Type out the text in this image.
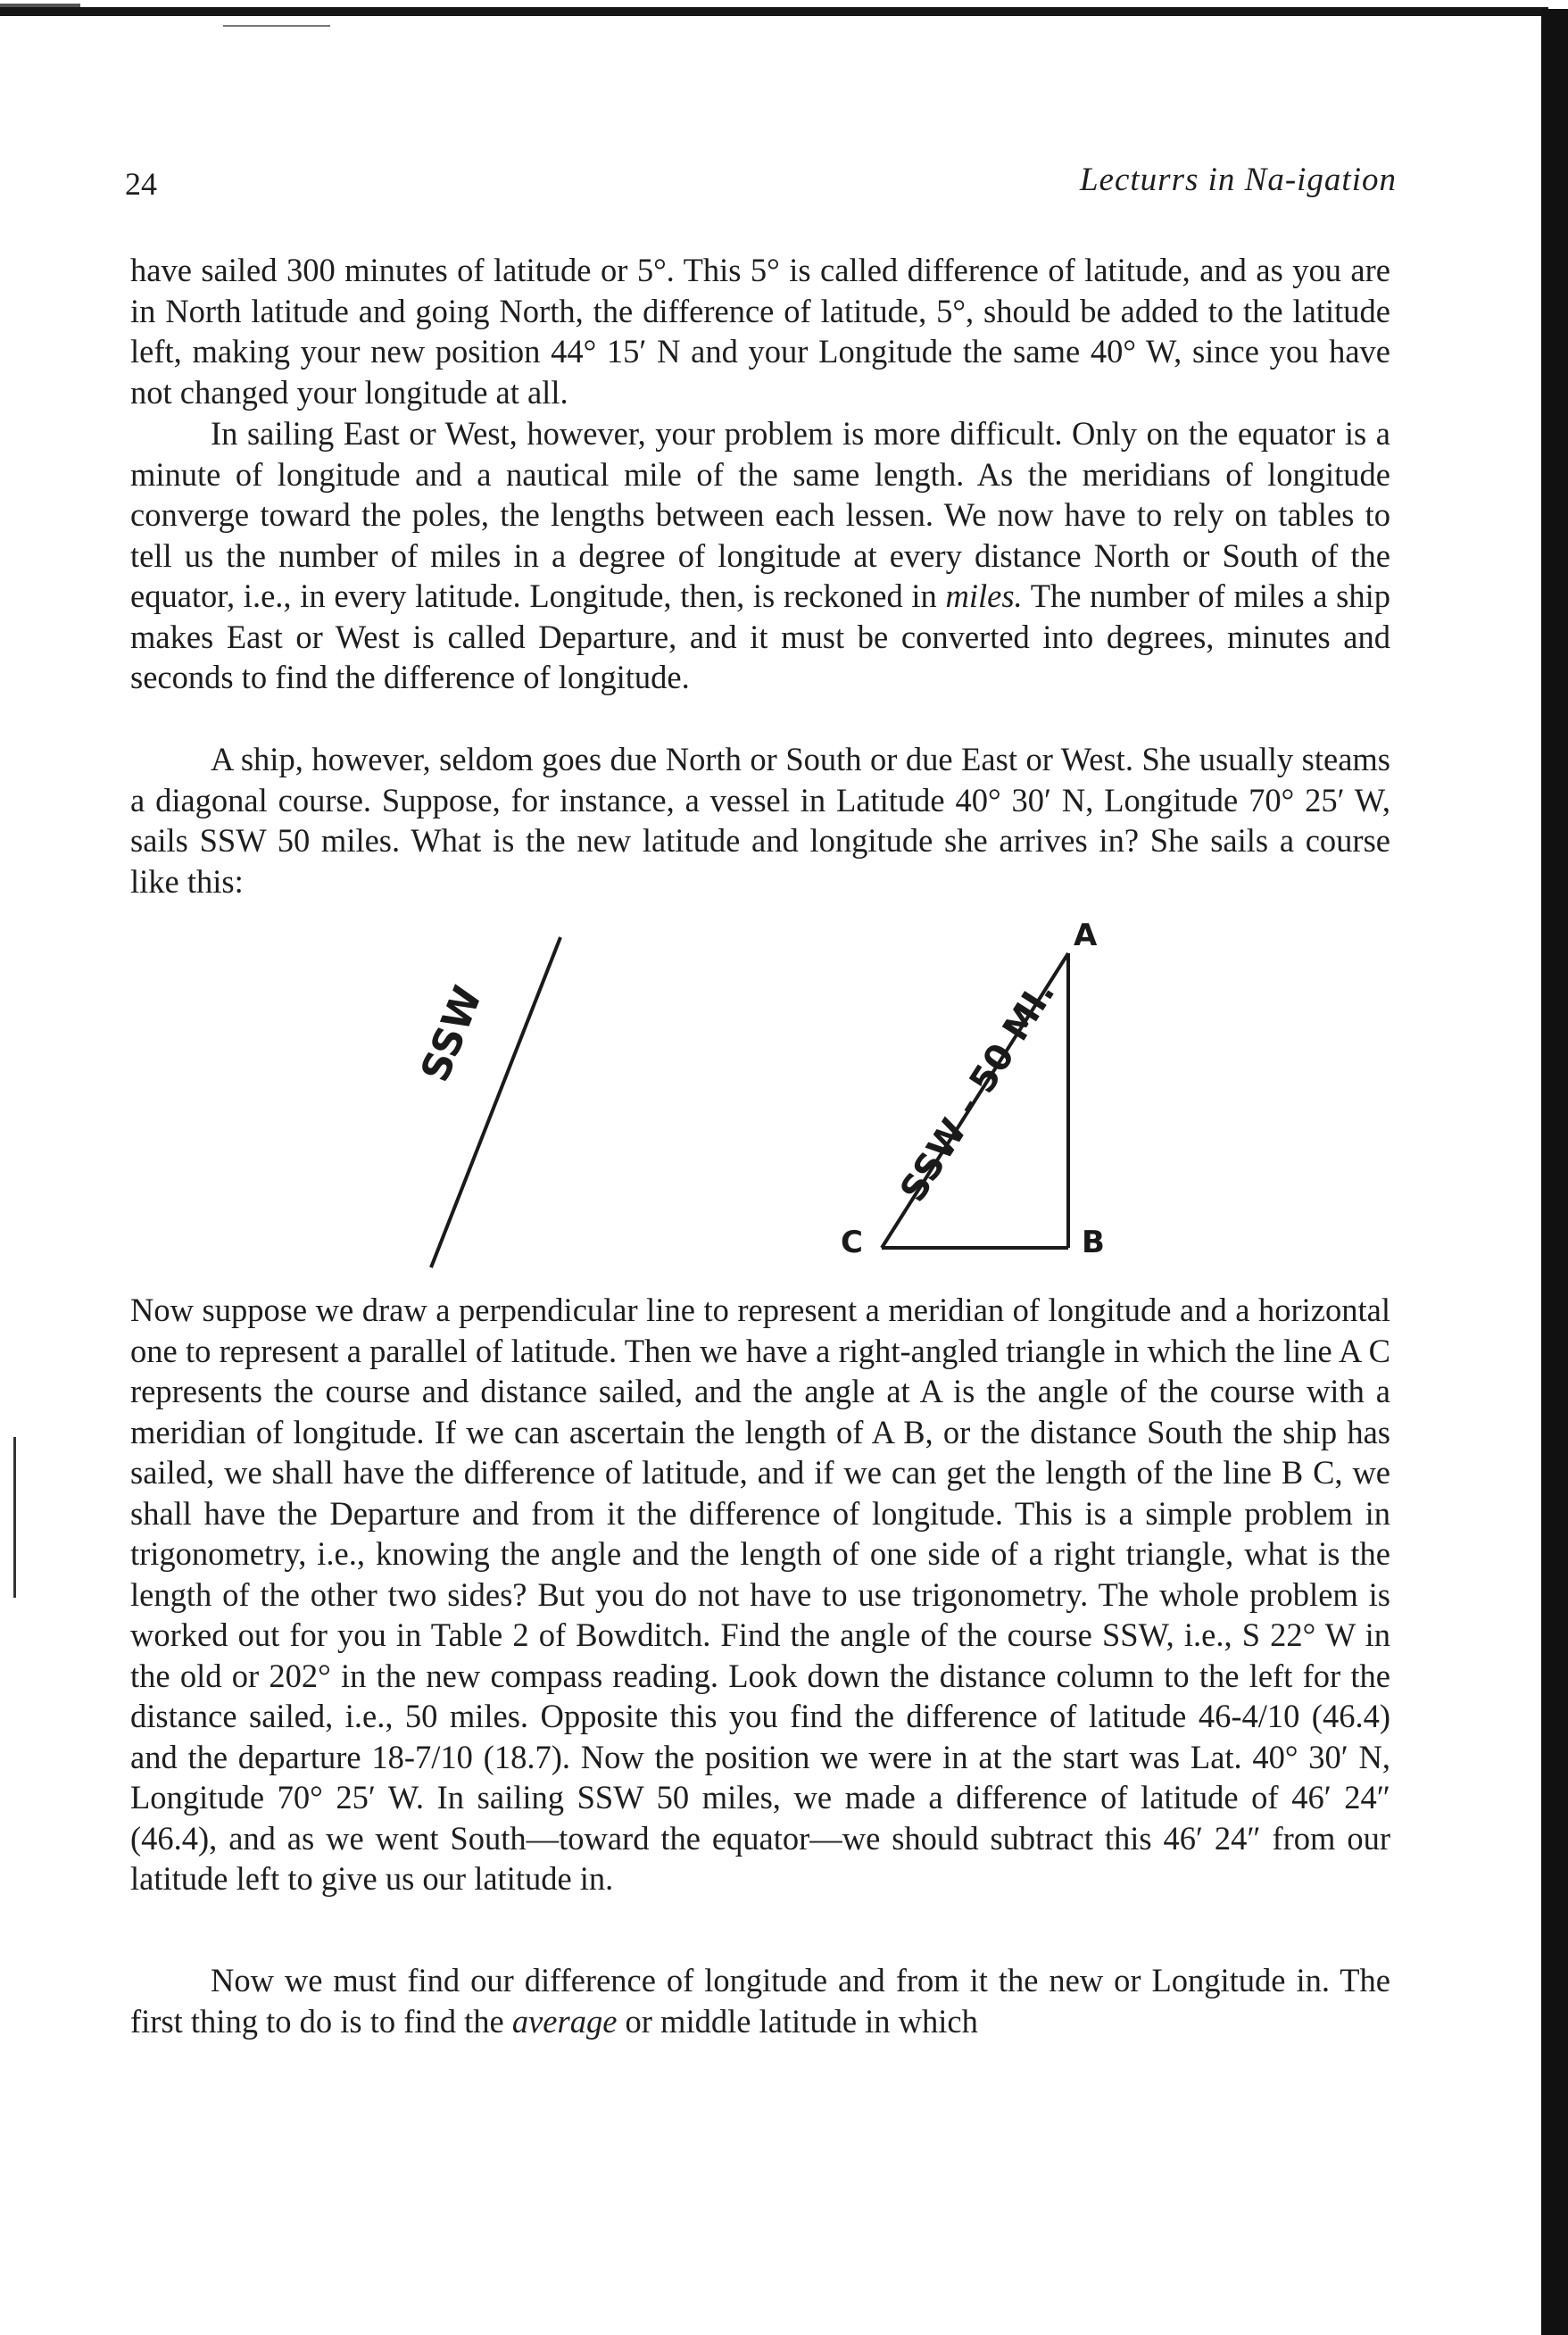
24	Lecturrs in Na-igation

have sailed 300 minutes of latitude or 5°. This 5° is called difference of latitude, and as you are in North latitude and going North, the difference of latitude, 5°, should be added to the latitude left, making your new position 44° 15′ N and your Longitude the same 40° W, since you have not changed your longitude at all.

In sailing East or West, however, your problem is more difficult. Only on the equator is a minute of longitude and a nautical mile of the same length. As the meridians of longitude converge toward the poles, the lengths between each lessen. We now have to rely on tables to tell us the number of miles in a degree of longitude at every distance North or South of the equator, i.e., in every latitude. Longitude, then, is reckoned in miles. The number of miles a ship makes East or West is called Departure, and it must be converted into degrees, minutes and seconds to find the difference of longitude.

A ship, however, seldom goes due North or South or due East or West. She usually steams a diagonal course. Suppose, for instance, a vessel in Latitude 40° 30′ N, Longitude 70° 25′ W, sails SSW 50 miles. What is the new latitude and longitude she arrives in? She sails a course like this:

SSW	SSW - 50 MI.
A
B
C

Now suppose we draw a perpendicular line to represent a meridian of longitude and a horizontal one to represent a parallel of latitude. Then we have a right-angled triangle in which the line A C represents the course and distance sailed, and the angle at A is the angle of the course with a meridian of longitude. If we can ascertain the length of A B, or the distance South the ship has sailed, we shall have the difference of latitude, and if we can get the length of the line B C, we shall have the Departure and from it the difference of longitude. This is a simple problem in trigonometry, i.e., knowing the angle and the length of one side of a right triangle, what is the length of the other two sides? But you do not have to use trigonometry. The whole problem is worked out for you in Table 2 of Bowditch. Find the angle of the course SSW, i.e., S 22° W in the old or 202° in the new compass reading. Look down the distance column to the left for the distance sailed, i.e., 50 miles. Opposite this you find the difference of latitude 46-4/10 (46.4) and the departure 18-7/10 (18.7). Now the position we were in at the start was Lat. 40° 30′ N, Longitude 70° 25′ W. In sailing SSW 50 miles, we made a difference of latitude of 46′ 24″ (46.4), and as we went South—toward the equator—we should subtract this 46′ 24″ from our latitude left to give us our latitude in.

Now we must find our difference of longitude and from it the new or Longitude in. The first thing to do is to find the average or middle latitude in which
